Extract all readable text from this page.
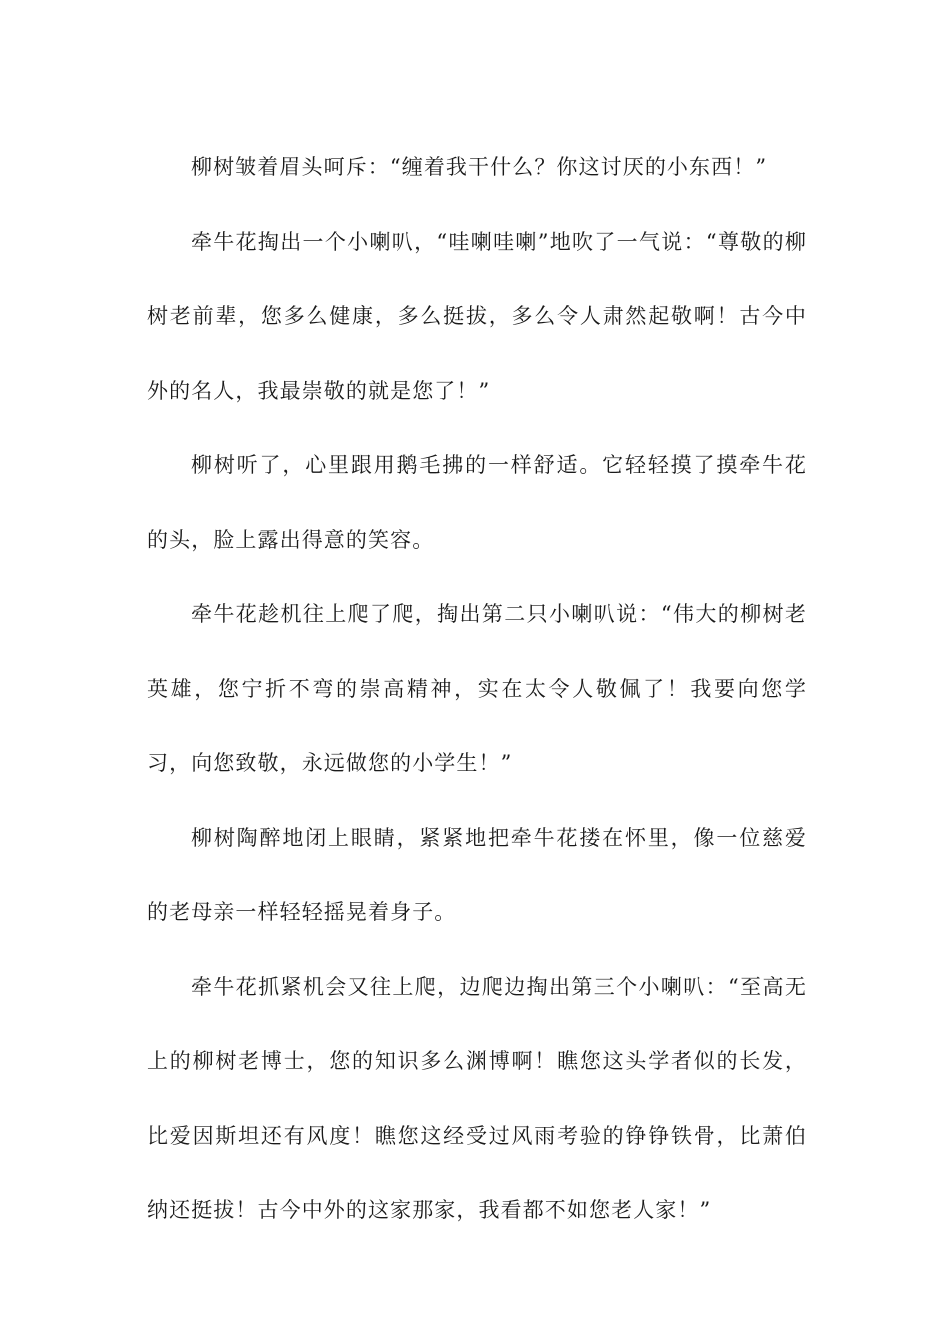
柳树皱着眉头呵斥：“缠着我干什么？你这讨厌的小东西！”

牵牛花掏出一个小喇叭，“哇喇哇喇”地吹了一气说：“尊敬的柳树老前辈，您多么健康，多么挺拔，多么令人肃然起敬啊！古今中外的名人，我最崇敬的就是您了！”

柳树听了，心里跟用鹅毛拂的一样舒适。它轻轻摸了摸牵牛花的头，脸上露出得意的笑容。

牵牛花趁机往上爬了爬，掏出第二只小喇叭说：“伟大的柳树老英雄，您宁折不弯的崇高精神，实在太令人敬佩了！我要向您学习，向您致敬，永远做您的小学生！”

柳树陶醉地闭上眼睛，紧紧地把牵牛花搂在怀里，像一位慈爱的老母亲一样轻轻摇晃着身子。

牵牛花抓紧机会又往上爬，边爬边掏出第三个小喇叭：“至高无上的柳树老博士，您的知识多么渊博啊！瞧您这头学者似的长发，比爱因斯坦还有风度！瞧您这经受过风雨考验的铮铮铁骨，比萧伯纳还挺拔！古今中外的这家那家，我看都不如您老人家！”
